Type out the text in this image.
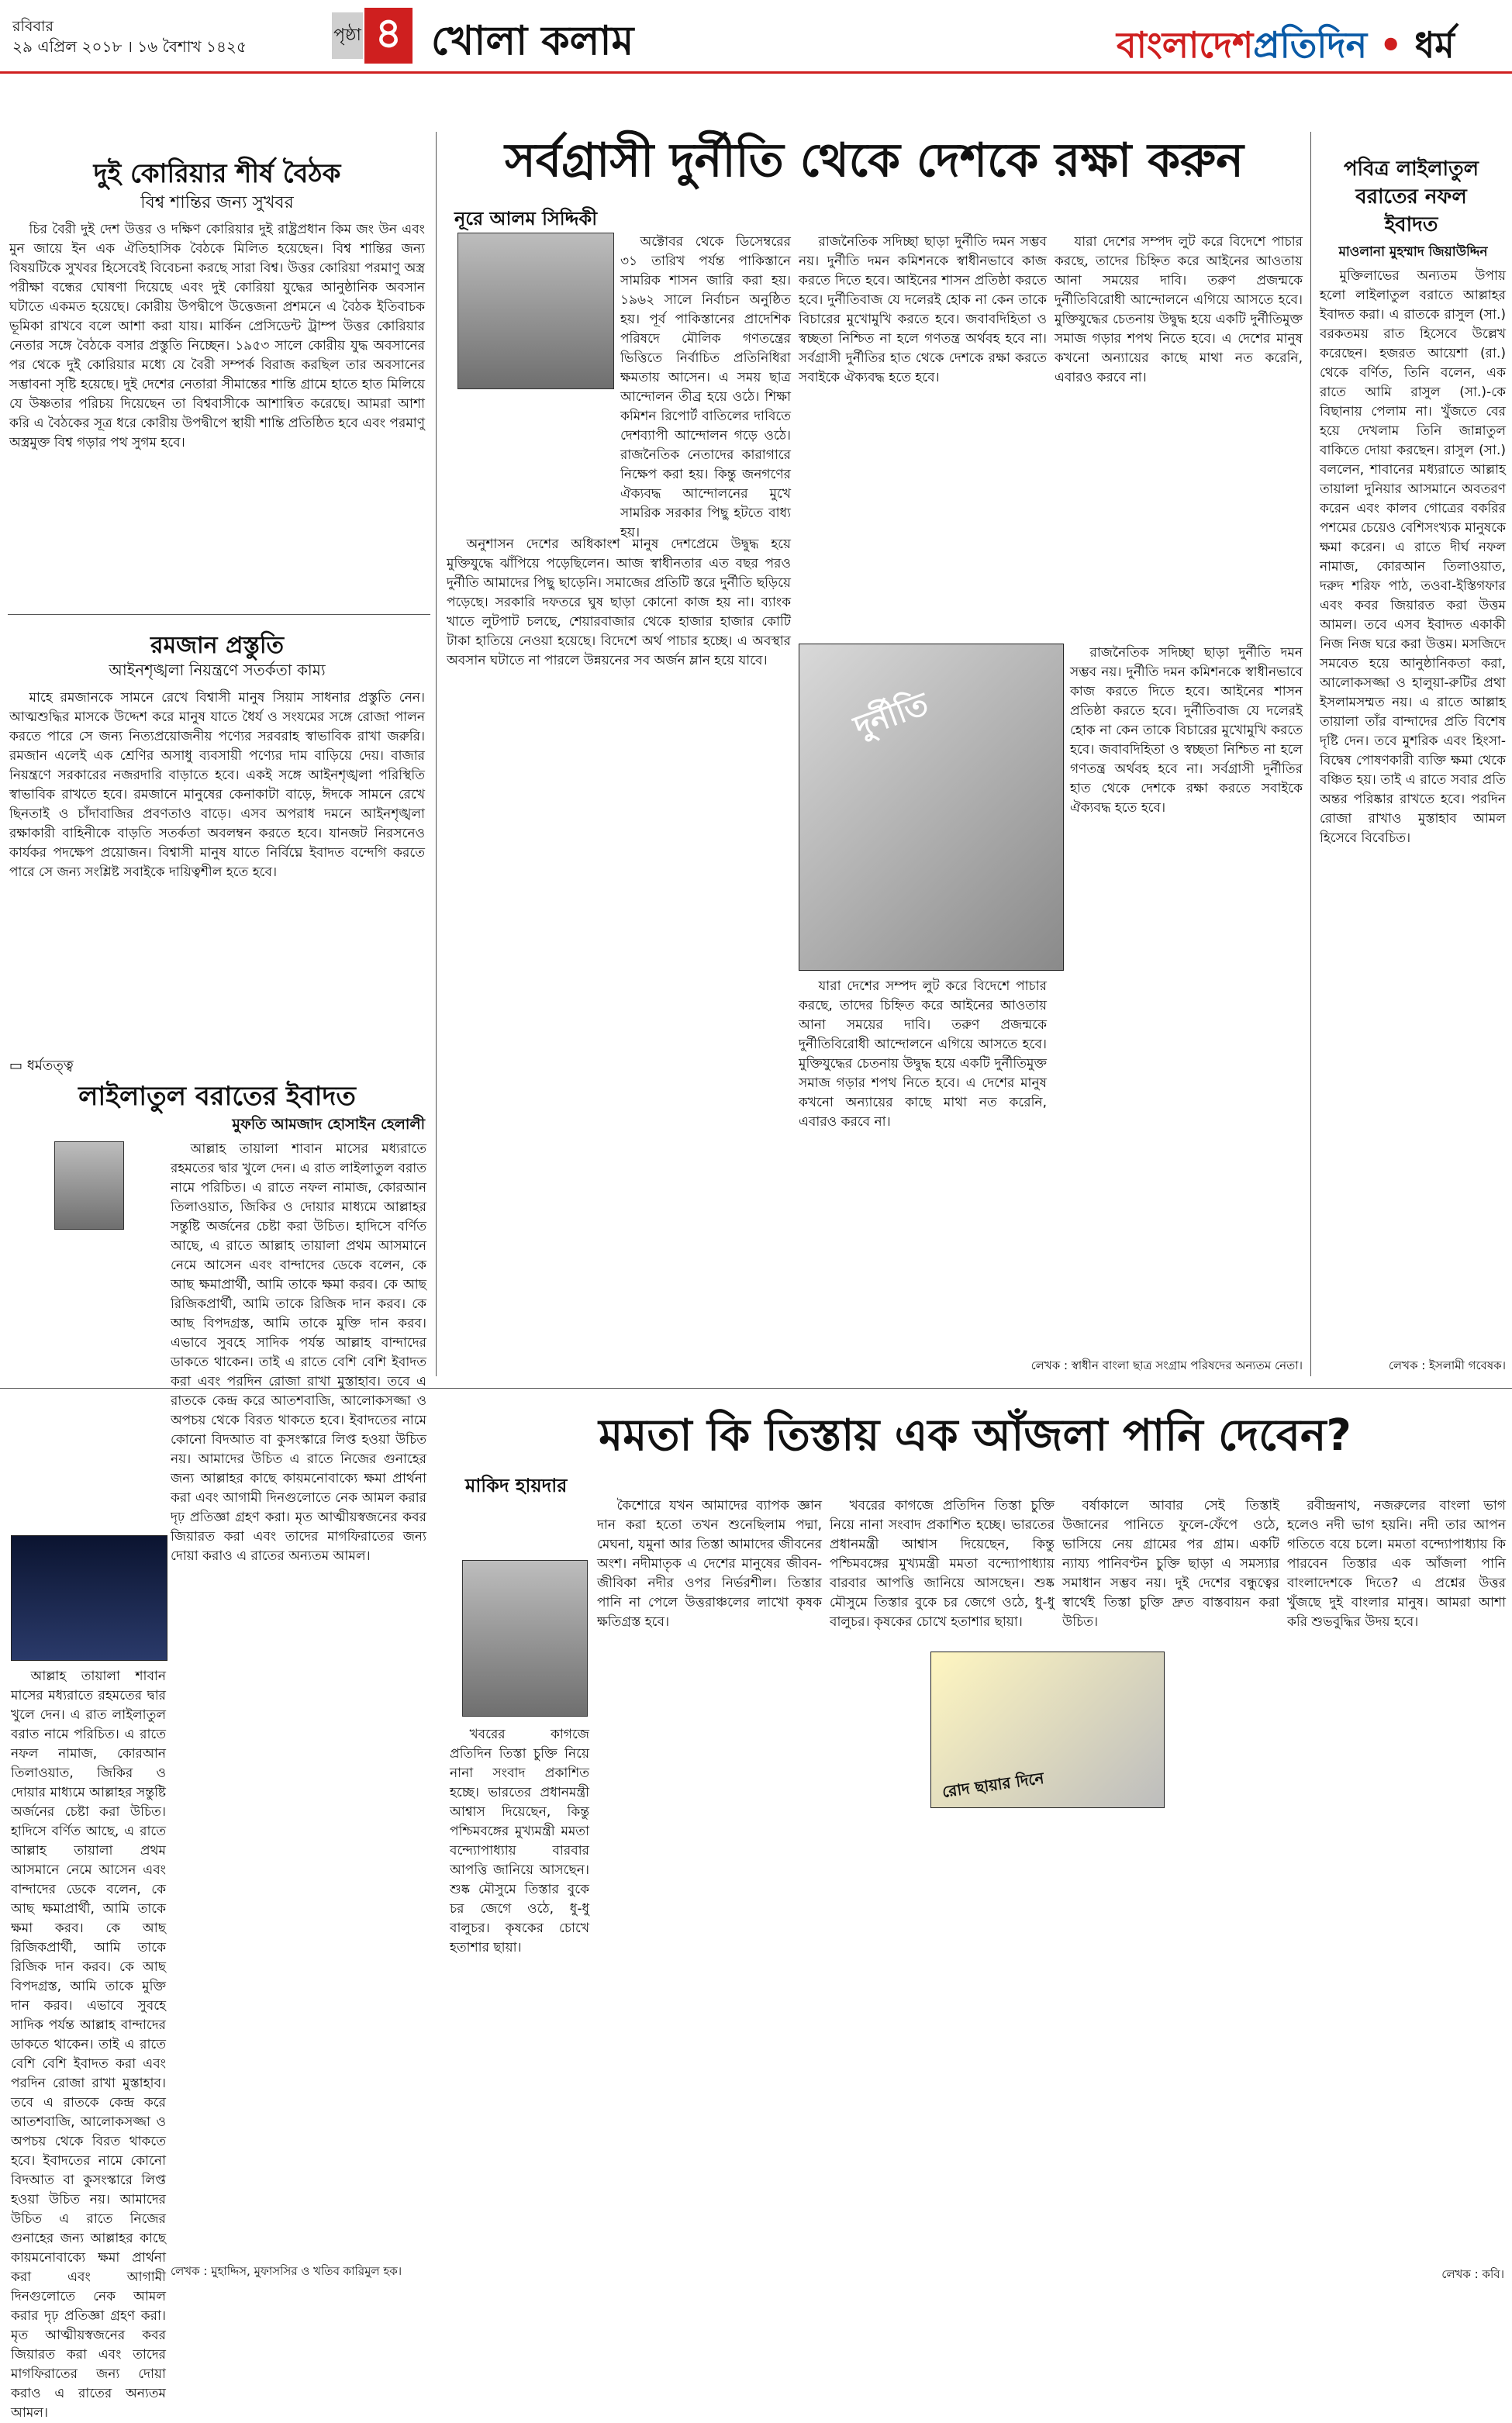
রবিবার
২৯ এপ্রিল ২০১৮ । ১৬ বৈশাখ ১৪২৫
পৃষ্ঠা ৪ খোলা কলাম	বাংলাদেশপ্রতিদিন • ধর্ম
দুই কোরিয়ার শীর্ষ বৈঠক
বিশ্ব শান্তির জন্য সুখবর

চির বৈরী দুই দেশ উত্তর ও দক্ষিণ কোরিয়ার দুই রাষ্ট্রপ্রধান কিম জং উন এবং মুন জায়ে ইন এক ঐতিহাসিক বৈঠকে মিলিত হয়েছেন। বিশ্ব শান্তির জন্য বিষয়টিকে সুখবর হিসেবেই বিবেচনা করছে সারা বিশ্ব। উত্তর কোরিয়া পরমাণু অস্ত্র পরীক্ষা বন্ধের ঘোষণা দিয়েছে এবং দুই কোরিয়া যুদ্ধের আনুষ্ঠানিক অবসান ঘটাতে একমত হয়েছে। কোরীয় উপদ্বীপে উত্তেজনা প্রশমনে এ বৈঠক ইতিবাচক ভূমিকা রাখবে বলে আশা করা যায়। মার্কিন প্রেসিডেন্ট ট্রাম্প উত্তর কোরিয়ার নেতার সঙ্গে বৈঠকে বসার প্রস্তুতি নিচ্ছেন। ১৯৫৩ সালে কোরীয় যুদ্ধ অবসানের পর থেকে দুই কোরিয়ার মধ্যে যে বৈরী সম্পর্ক বিরাজ করছিল তার অবসানের সম্ভাবনা সৃষ্টি হয়েছে। দুই দেশের নেতারা সীমান্তের শান্তি গ্রামে হাতে হাত মিলিয়ে যে উষ্ণতার পরিচয় দিয়েছেন তা বিশ্ববাসীকে আশান্বিত করেছে। আমরা আশা করি এ বৈঠকের সূত্র ধরে কোরীয় উপদ্বীপে স্থায়ী শান্তি প্রতিষ্ঠিত হবে এবং পরমাণু অস্ত্রমুক্ত বিশ্ব গড়ার পথ সুগম হবে।

রমজান প্রস্তুতি
আইনশৃঙ্খলা নিয়ন্ত্রণে সতর্কতা কাম্য

মাহে রমজানকে সামনে রেখে বিশ্বাসী মানুষ সিয়াম সাধনার প্রস্তুতি নেন। আত্মশুদ্ধির মাসকে উদ্দেশ করে মানুষ যাতে ধৈর্য ও সংযমের সঙ্গে রোজা পালন করতে পারে সে জন্য নিত্যপ্রয়োজনীয় পণ্যের সরবরাহ স্বাভাবিক রাখা জরুরি। রমজান এলেই এক শ্রেণির অসাধু ব্যবসায়ী পণ্যের দাম বাড়িয়ে দেয়। বাজার নিয়ন্ত্রণে সরকারের নজরদারি বাড়াতে হবে। একই সঙ্গে আইনশৃঙ্খলা পরিস্থিতি স্বাভাবিক রাখতে হবে। রমজানে মানুষের কেনাকাটা বাড়ে, ঈদকে সামনে রেখে ছিনতাই ও চাঁদাবাজির প্রবণতাও বাড়ে। এসব অপরাধ দমনে আইনশৃঙ্খলা রক্ষাকারী বাহিনীকে বাড়তি সতর্কতা অবলম্বন করতে হবে। যানজট নিরসনেও কার্যকর পদক্ষেপ প্রয়োজন। বিশ্বাসী মানুষ যাতে নির্বিঘ্নে ইবাদত বন্দেগি করতে পারে সে জন্য সংশ্লিষ্ট সবাইকে দায়িত্বশীল হতে হবে।

▭ ধর্মতত্ত্ব
লাইলাতুল বরাতের ইবাদত
মুফতি আমজাদ হোসাইন হেলালী

আল্লাহ তায়ালা শাবান মাসের মধ্যরাতে রহমতের দ্বার খুলে দেন। এ রাত লাইলাতুল বরাত নামে পরিচিত। এ রাতে নফল নামাজ, কোরআন তিলাওয়াত, জিকির ও দোয়ার মাধ্যমে আল্লাহর সন্তুষ্টি অর্জনের চেষ্টা করা উচিত। হাদিসে বর্ণিত আছে, এ রাতে আল্লাহ তায়ালা প্রথম আসমানে নেমে আসেন এবং বান্দাদের ডেকে বলেন, কে আছ ক্ষমাপ্রার্থী, আমি তাকে ক্ষমা করব। কে আছ রিজিকপ্রার্থী, আমি তাকে রিজিক দান করব। কে আছ বিপদগ্রস্ত, আমি তাকে মুক্তি দান করব। এভাবে সুবহে সাদিক পর্যন্ত আল্লাহ বান্দাদের ডাকতে থাকেন। তাই এ রাতে বেশি বেশি ইবাদত করা এবং পরদিন রোজা রাখা মুস্তাহাব। তবে এ রাতকে কেন্দ্র করে আতশবাজি, আলোকসজ্জা ও অপচয় থেকে বিরত থাকতে হবে। ইবাদতের নামে কোনো বিদআত বা কুসংস্কারে লিপ্ত হওয়া উচিত নয়। আমাদের উচিত এ রাতে নিজের গুনাহের জন্য আল্লাহর কাছে কায়মনোবাক্যে ক্ষমা প্রার্থনা করা এবং আগামী দিনগুলোতে নেক আমল করার দৃঢ় প্রতিজ্ঞা গ্রহণ করা। মৃত আত্মীয়স্বজনের কবর জিয়ারত করা এবং তাদের মাগফিরাতের জন্য দোয়া করাও এ রাতের অন্যতম আমল।

আল্লাহ তায়ালা শাবান মাসের মধ্যরাতে রহমতের দ্বার খুলে দেন। এ রাত লাইলাতুল বরাত নামে পরিচিত। এ রাতে নফল নামাজ, কোরআন তিলাওয়াত, জিকির ও দোয়ার মাধ্যমে আল্লাহর সন্তুষ্টি অর্জনের চেষ্টা করা উচিত। হাদিসে বর্ণিত আছে, এ রাতে আল্লাহ তায়ালা প্রথম আসমানে নেমে আসেন এবং বান্দাদের ডেকে বলেন, কে আছ ক্ষমাপ্রার্থী, আমি তাকে ক্ষমা করব। কে আছ রিজিকপ্রার্থী, আমি তাকে রিজিক দান করব। কে আছ বিপদগ্রস্ত, আমি তাকে মুক্তি দান করব। এভাবে সুবহে সাদিক পর্যন্ত আল্লাহ বান্দাদের ডাকতে থাকেন। তাই এ রাতে বেশি বেশি ইবাদত করা এবং পরদিন রোজা রাখা মুস্তাহাব। তবে এ রাতকে কেন্দ্র করে আতশবাজি, আলোকসজ্জা ও অপচয় থেকে বিরত থাকতে হবে। ইবাদতের নামে কোনো বিদআত বা কুসংস্কারে লিপ্ত হওয়া উচিত নয়। আমাদের উচিত এ রাতে নিজের গুনাহের জন্য আল্লাহর কাছে কায়মনোবাক্যে ক্ষমা প্রার্থনা করা এবং আগামী দিনগুলোতে নেক আমল করার দৃঢ় প্রতিজ্ঞা গ্রহণ করা। মৃত আত্মীয়স্বজনের কবর জিয়ারত করা এবং তাদের মাগফিরাতের জন্য দোয়া করাও এ রাতের অন্যতম আমল।

লেখক : মুহাদ্দিস, মুফাসসির ও খতিব কারিমুল হক।
সর্বগ্রাসী দুর্নীতি থেকে দেশকে রক্ষা করুন
নূরে আলম সিদ্দিকী

অক্টোবর থেকে ডিসেম্বরের ৩১ তারিখ পর্যন্ত পাকিস্তানে সামরিক শাসন জারি করা হয়। ১৯৬২ সালে নির্বাচন অনুষ্ঠিত হয়। পূর্ব পাকিস্তানের প্রাদেশিক পরিষদে মৌলিক গণতন্ত্রের ভিত্তিতে নির্বাচিত প্রতিনিধিরা ক্ষমতায় আসেন। এ সময় ছাত্র আন্দোলন তীব্র হয়ে ওঠে। শিক্ষা কমিশন রিপোর্ট বাতিলের দাবিতে দেশব্যাপী আন্দোলন গড়ে ওঠে। রাজনৈতিক নেতাদের কারাগারে নিক্ষেপ করা হয়। কিন্তু জনগণের ঐক্যবদ্ধ আন্দোলনের মুখে সামরিক সরকার পিছু হটতে বাধ্য হয়।

অনুশাসন দেশের অধিকাংশ মানুষ দেশপ্রেমে উদ্বুদ্ধ হয়ে মুক্তিযুদ্ধে ঝাঁপিয়ে পড়েছিলেন। আজ স্বাধীনতার এত বছর পরও দুর্নীতি আমাদের পিছু ছাড়েনি। সমাজের প্রতিটি স্তরে দুর্নীতি ছড়িয়ে পড়েছে। সরকারি দফতরে ঘুষ ছাড়া কোনো কাজ হয় না। ব্যাংক খাতে লুটপাট চলছে, শেয়ারবাজার থেকে হাজার হাজার কোটি টাকা হাতিয়ে নেওয়া হয়েছে। বিদেশে অর্থ পাচার হচ্ছে। এ অবস্থার অবসান ঘটাতে না পারলে উন্নয়নের সব অর্জন ম্লান হয়ে যাবে।

রাজনৈতিক সদিচ্ছা ছাড়া দুর্নীতি দমন সম্ভব নয়। দুর্নীতি দমন কমিশনকে স্বাধীনভাবে কাজ করতে দিতে হবে। আইনের শাসন প্রতিষ্ঠা করতে হবে। দুর্নীতিবাজ যে দলেরই হোক না কেন তাকে বিচারের মুখোমুখি করতে হবে। জবাবদিহিতা ও স্বচ্ছতা নিশ্চিত না হলে গণতন্ত্র অর্থবহ হবে না। সর্বগ্রাসী দুর্নীতির হাত থেকে দেশকে রক্ষা করতে সবাইকে ঐক্যবদ্ধ হতে হবে।

যারা দেশের সম্পদ লুট করে বিদেশে পাচার করছে, তাদের চিহ্নিত করে আইনের আওতায় আনা সময়ের দাবি। তরুণ প্রজন্মকে দুর্নীতিবিরোধী আন্দোলনে এগিয়ে আসতে হবে। মুক্তিযুদ্ধের চেতনায় উদ্বুদ্ধ হয়ে একটি দুর্নীতিমুক্ত সমাজ গড়ার শপথ নিতে হবে। এ দেশের মানুষ কখনো অন্যায়ের কাছে মাথা নত করেনি, এবারও করবে না।

দুর্নীতি

যারা দেশের সম্পদ লুট করে বিদেশে পাচার করছে, তাদের চিহ্নিত করে আইনের আওতায় আনা সময়ের দাবি। তরুণ প্রজন্মকে দুর্নীতিবিরোধী আন্দোলনে এগিয়ে আসতে হবে। মুক্তিযুদ্ধের চেতনায় উদ্বুদ্ধ হয়ে একটি দুর্নীতিমুক্ত সমাজ গড়ার শপথ নিতে হবে। এ দেশের মানুষ কখনো অন্যায়ের কাছে মাথা নত করেনি, এবারও করবে না।

রাজনৈতিক সদিচ্ছা ছাড়া দুর্নীতি দমন সম্ভব নয়। দুর্নীতি দমন কমিশনকে স্বাধীনভাবে কাজ করতে দিতে হবে। আইনের শাসন প্রতিষ্ঠা করতে হবে। দুর্নীতিবাজ যে দলেরই হোক না কেন তাকে বিচারের মুখোমুখি করতে হবে। জবাবদিহিতা ও স্বচ্ছতা নিশ্চিত না হলে গণতন্ত্র অর্থবহ হবে না। সর্বগ্রাসী দুর্নীতির হাত থেকে দেশকে রক্ষা করতে সবাইকে ঐক্যবদ্ধ হতে হবে।

লেখক : স্বাধীন বাংলা ছাত্র সংগ্রাম পরিষদের অন্যতম নেতা।
পবিত্র লাইলাতুল
বরাতের নফল
ইবাদত
মাওলানা মুহম্মাদ জিয়াউদ্দিন

মুক্তিলাভের অন্যতম উপায় হলো লাইলাতুল বরাতে আল্লাহর ইবাদত করা। এ রাতকে রাসুল (সা.) বরকতময় রাত হিসেবে উল্লেখ করেছেন। হজরত আয়েশা (রা.) থেকে বর্ণিত, তিনি বলেন, এক রাতে আমি রাসুল (সা.)-কে বিছানায় পেলাম না। খুঁজতে বের হয়ে দেখলাম তিনি জান্নাতুল বাকিতে দোয়া করছেন। রাসুল (সা.) বললেন, শাবানের মধ্যরাতে আল্লাহ তায়ালা দুনিয়ার আসমানে অবতরণ করেন এবং কালব গোত্রের বকরির পশমের চেয়েও বেশিসংখ্যক মানুষকে ক্ষমা করেন। এ রাতে দীর্ঘ নফল নামাজ, কোরআন তিলাওয়াত, দরুদ শরিফ পাঠ, তওবা-ইস্তিগফার এবং কবর জিয়ারত করা উত্তম আমল। তবে এসব ইবাদত একাকী নিজ নিজ ঘরে করা উত্তম। মসজিদে সমবেত হয়ে আনুষ্ঠানিকতা করা, আলোকসজ্জা ও হালুয়া-রুটির প্রথা ইসলামসম্মত নয়। এ রাতে আল্লাহ তায়ালা তাঁর বান্দাদের প্রতি বিশেষ দৃষ্টি দেন। তবে মুশরিক এবং হিংসা-বিদ্বেষ পোষণকারী ব্যক্তি ক্ষমা থেকে বঞ্চিত হয়। তাই এ রাতে সবার প্রতি অন্তর পরিষ্কার রাখতে হবে। পরদিন রোজা রাখাও মুস্তাহাব আমল হিসেবে বিবেচিত।

লেখক : ইসলামী গবেষক।
মমতা কি তিস্তায় এক আঁজলা পানি দেবেন?
মাকিদ হায়দার

কৈশোরে যখন আমাদের ব্যাপক জ্ঞান দান করা হতো তখন শুনেছিলাম পদ্মা, মেঘনা, যমুনা আর তিস্তা আমাদের জীবনের অংশ। নদীমাতৃক এ দেশের মানুষের জীবন-জীবিকা নদীর ওপর নির্ভরশীল। তিস্তার পানি না পেলে উত্তরাঞ্চলের লাখো কৃষক ক্ষতিগ্রস্ত হবে।

খবরের কাগজে প্রতিদিন তিস্তা চুক্তি নিয়ে নানা সংবাদ প্রকাশিত হচ্ছে। ভারতের প্রধানমন্ত্রী আশ্বাস দিয়েছেন, কিন্তু পশ্চিমবঙ্গের মুখ্যমন্ত্রী মমতা বন্দ্যোপাধ্যায় বারবার আপত্তি জানিয়ে আসছেন। শুষ্ক মৌসুমে তিস্তার বুকে চর জেগে ওঠে, ধু-ধু বালুচর। কৃষকের চোখে হতাশার ছায়া।

খবরের কাগজে প্রতিদিন তিস্তা চুক্তি নিয়ে নানা সংবাদ প্রকাশিত হচ্ছে। ভারতের প্রধানমন্ত্রী আশ্বাস দিয়েছেন, কিন্তু পশ্চিমবঙ্গের মুখ্যমন্ত্রী মমতা বন্দ্যোপাধ্যায় বারবার আপত্তি জানিয়ে আসছেন। শুষ্ক মৌসুমে তিস্তার বুকে চর জেগে ওঠে, ধু-ধু বালুচর। কৃষকের চোখে হতাশার ছায়া।

রোদ ছায়ার দিনে

বর্ষাকালে আবার সেই তিস্তাই উজানের পানিতে ফুলে-ফেঁপে ওঠে, ভাসিয়ে নেয় গ্রামের পর গ্রাম। একটি ন্যায্য পানিবণ্টন চুক্তি ছাড়া এ সমস্যার সমাধান সম্ভব নয়। দুই দেশের বন্ধুত্বের স্বার্থেই তিস্তা চুক্তি দ্রুত বাস্তবায়ন করা উচিত।

রবীন্দ্রনাথ, নজরুলের বাংলা ভাগ হলেও নদী ভাগ হয়নি। নদী তার আপন গতিতে বয়ে চলে। মমতা বন্দ্যোপাধ্যায় কি পারবেন তিস্তার এক আঁজলা পানি বাংলাদেশকে দিতে? এ প্রশ্নের উত্তর খুঁজছে দুই বাংলার মানুষ। আমরা আশা করি শুভবুদ্ধির উদয় হবে।

লেখক : কবি।
